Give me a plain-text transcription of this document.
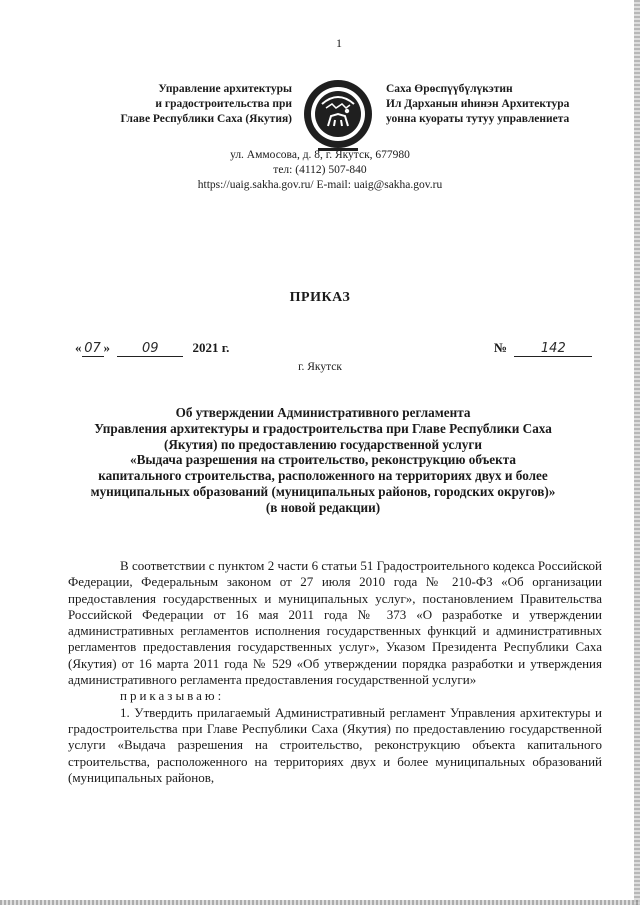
1
Управление архитектуры
и градостроительства при
Главе Республики Саха (Якутия)
Саха Өрөспүүбүлүкэтин
Ил Дарханын иһинэн Архитектура
уонна куораты тутуу управлениета
ул. Аммосова, д. 8, г. Якутск, 677980
тел: (4112) 507-840
https://uaig.sakha.gov.ru/ E-mail: uaig@sakha.gov.ru
ПРИКАЗ
« 07 » 09	2021 г.	№	142
г. Якутск
Об утверждении Административного регламента
Управления архитектуры и градостроительства при Главе Республики Саха
(Якутия) по предоставлению государственной услуги
«Выдача разрешения на строительство, реконструкцию объекта
капитального строительства, расположенного на территориях двух и более
муниципальных образований (муниципальных районов, городских округов)»
(в новой редакции)

В соответствии с пунктом 2 части 6 статьи 51 Градостроительного кодекса Российской Федерации, Федеральным законом от 27 июля 2010 года № 210-ФЗ «Об организации предоставления государственных и муниципальных услуг», постановлением Правительства Российской Федерации от 16 мая 2011 года № 373 «О разработке и утверждении административных регламентов исполнения государственных функций и административных регламентов предоставления государственных услуг», Указом Президента Республики Саха (Якутия) от 16 марта 2011 года № 529 «Об утверждении порядка разработки и утверждения административного регламента предоставления государственной услуги»

приказываю:

1. Утвердить прилагаемый Административный регламент Управления архитектуры и градостроительства при Главе Республики Саха (Якутия) по предоставлению государственной услуги «Выдача разрешения на строительство, реконструкцию объекта капитального строительства, расположенного на территориях двух и более муниципальных образований (муниципальных районов,
